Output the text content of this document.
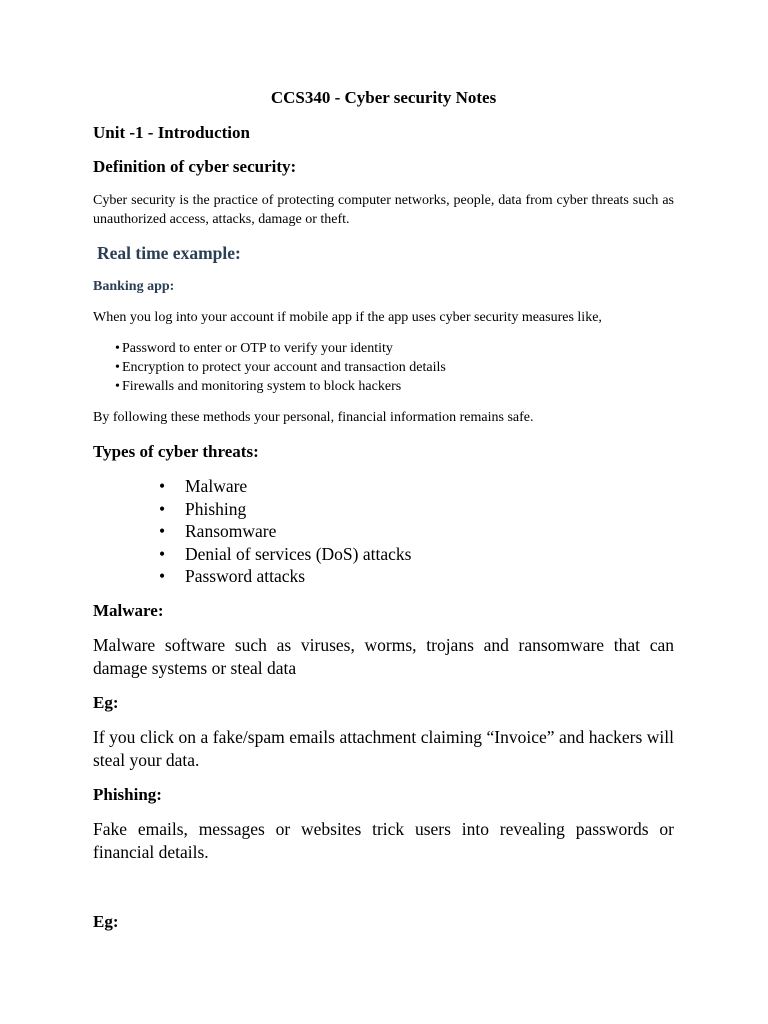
CCS340 - Cyber security Notes
Unit -1 - Introduction
Definition of cyber security:

Cyber security is the practice of protecting computer networks, people, data from cyber threats such as unauthorized access, attacks, damage or theft.

Real time example:
Banking app:

When you log into your account if mobile app if the app uses cyber security measures like,

• Password to enter or OTP to verify your identity
• Encryption to protect your account and transaction details
• Firewalls and monitoring system to block hackers

By following these methods your personal, financial information remains safe.

Types of cyber threats:
•	Malware
•	Phishing
•	Ransomware
•	Denial of services (DoS) attacks
•	Password attacks
Malware:

Malware software such as viruses, worms, trojans and ransomware that can damage systems or steal data

Eg:

If you click on a fake/spam emails attachment claiming “Invoice” and hackers will steal your data.

Phishing:

Fake emails, messages or websites trick users into revealing passwords or financial details.

Eg:
